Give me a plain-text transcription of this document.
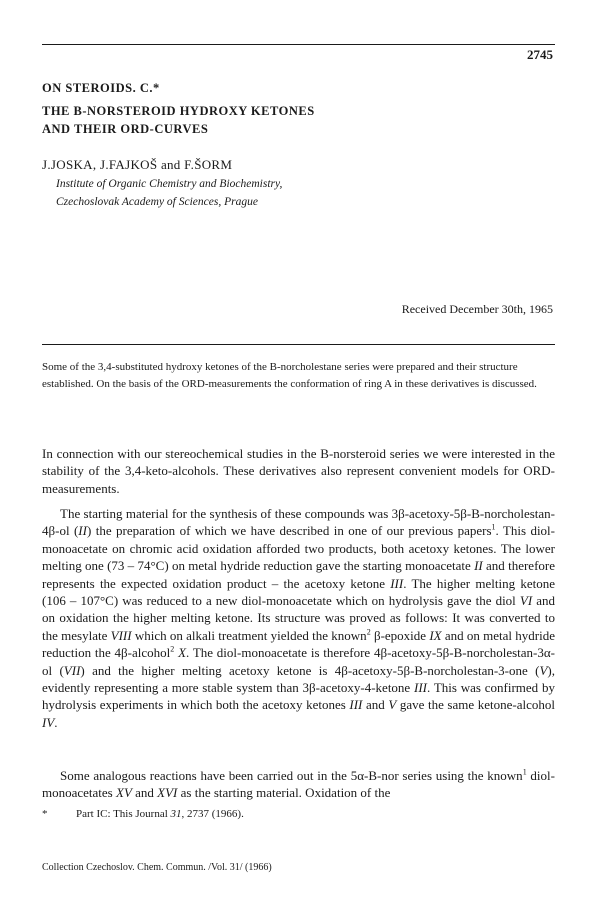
2745
ON STEROIDS. C.*
THE B-NORSTEROID HYDROXY KETONES
AND THEIR ORD-CURVES
J.JOSKA, J.FAJKOŠ and F.ŠORM
Institute of Organic Chemistry and Biochemistry,
Czechoslovak Academy of Sciences, Prague
Received December 30th, 1965

Some of the 3,4-substituted hydroxy ketones of the B-norcholestane series were prepared and their structure established. On the basis of the ORD-measurements the conformation of ring A in these derivatives is discussed.

In connection with our stereochemical studies in the B-norsteroid series we were interested in the stability of the 3,4-keto-alcohols. These derivatives also represent convenient models for ORD-measurements.

The starting material for the synthesis of these compounds was 3β-acetoxy-5β-B-norcholestan-4β-ol (II) the preparation of which we have described in one of our previous papers$^1$. This diol-monoacetate on chromic acid oxidation afforded two products, both acetoxy ketones. The lower melting one (73 – 74°C) on metal hydride reduction gave the starting monoacetate II and therefore represents the expected oxidation product – the acetoxy ketone III. The higher melting ketone (106 – 107°C) was reduced to a new diol-monoacetate which on hydrolysis gave the diol VI and on oxidation the higher melting ketone. Its structure was proved as follows: It was converted to the mesylate VIII which on alkali treatment yielded the known$^2$ β-epoxide IX and on metal hydride reduction the 4β-alcohol$^2$ X. The diol-monoacetate is therefore 4β-acetoxy-5β-B-norcholestan-3α-ol (VII) and the higher melting acetoxy ketone is 4β-acetoxy-5β-B-norcholestan-3-one (V), evidently representing a more stable system than 3β-acetoxy-4-ketone III. This was confirmed by hydrolysis experiments in which both the acetoxy ketones III and V gave the same ketone-alcohol IV.

Some analogous reactions have been carried out in the 5α-B-nor series using the known$^1$ diol-monoacetates XV and XVI as the starting material. Oxidation of the

*	Part IC: This Journal 31, 2737 (1966).
Collection Czechoslov. Chem. Commun. /Vol. 31/ (1966)
